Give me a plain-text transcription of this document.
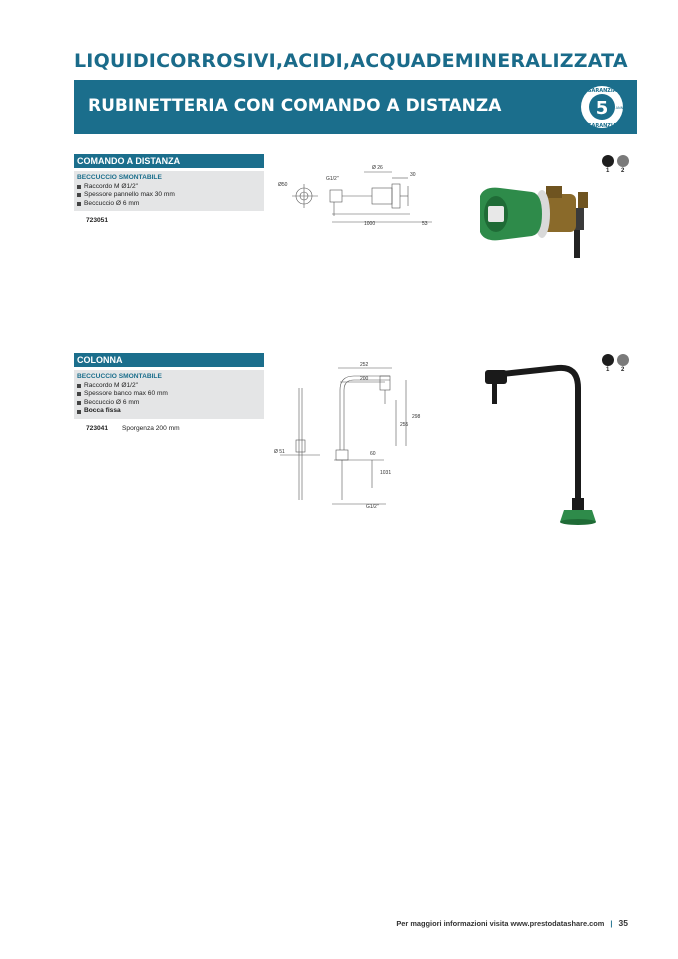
LIQUIDICORROSIVI,ACIDI,ACQUADEMINERALIZZATA
RUBINETTERIA CON COMANDO A DISTANZA	5
GARANZIA
GARANZIA
ANNI
COMANDO A DISTANZA
BECCUCCIO SMONTABILE
Raccordo M Ø1/2"
Spessore pannello max 30 mm
Beccuccio Ø 6 mm
723051
Ø 26
G1/2"
Ø50
30
1000	53
1 2
COLONNA
BECCUCCIO SMONTABILE
Raccordo M Ø1/2"
Spessore banco max 60 mm
Beccuccio Ø 6 mm
Bocca fissa
723041 Sporgenza 200 mm
252
200
298
255
Ø 51	60
1031
G1/2"
1 2
Per maggiori informazioni visita www.prestodatashare.com | 35
